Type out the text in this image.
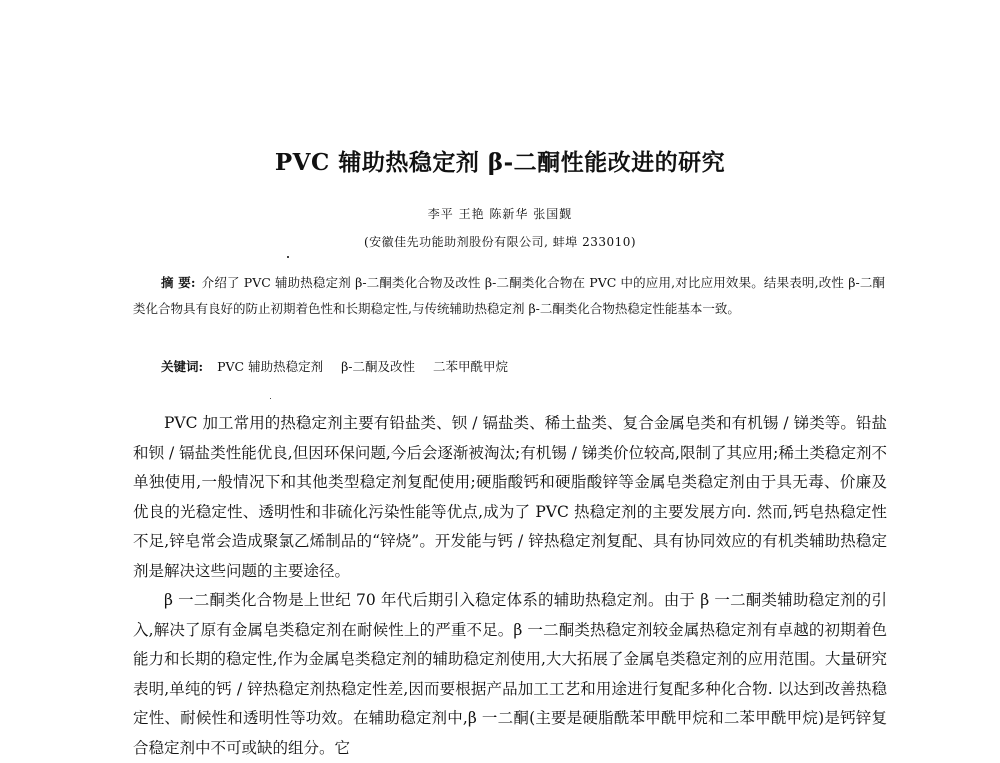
PVC 辅助热稳定剂 β-二酮性能改进的研究
李平 王艳 陈新华 张国觐
(安徽佳先功能助剂股份有限公司, 蚌埠 233010)

摘 要: 介绍了 PVC 辅助热稳定剂 β-二酮类化合物及改性 β-二酮类化合物在 PVC 中的应用,对比应用效果。结果表明,改性 β-二酮类化合物具有良好的防止初期着色性和长期稳定性,与传统辅助热稳定剂 β-二酮类化合物热稳定性能基本一致。

关键词: PVC 辅助热稳定剂 β-二酮及改性 二苯甲酰甲烷

PVC 加工常用的热稳定剂主要有铅盐类、钡 / 镉盐类、稀土盐类、复合金属皂类和有机锡 / 锑类等。铅盐和钡 / 镉盐类性能优良,但因环保问题,今后会逐渐被淘汰;有机锡 / 锑类价位较高,限制了其应用;稀土类稳定剂不单独使用,一般情况下和其他类型稳定剂复配使用;硬脂酸钙和硬脂酸锌等金属皂类稳定剂由于具无毒、价廉及优良的光稳定性、透明性和非硫化污染性能等优点,成为了 PVC 热稳定剂的主要发展方向. 然而,钙皂热稳定性不足,锌皂常会造成聚氯乙烯制品的“锌烧”。开发能与钙 / 锌热稳定剂复配、具有协同效应的有机类辅助热稳定剂是解决这些问题的主要途径。

β 一二酮类化合物是上世纪 70 年代后期引入稳定体系的辅助热稳定剂。由于 β 一二酮类辅助稳定剂的引入,解决了原有金属皂类稳定剂在耐候性上的严重不足。β 一二酮类热稳定剂较金属热稳定剂有卓越的初期着色能力和长期的稳定性,作为金属皂类稳定剂的辅助稳定剂使用,大大拓展了金属皂类稳定剂的应用范围。大量研究表明,单纯的钙 / 锌热稳定剂热稳定性差,因而要根据产品加工工艺和用途进行复配多种化合物. 以达到改善热稳定性、耐候性和透明性等功效。在辅助稳定剂中,β 一二酮(主要是硬脂酰苯甲酰甲烷和二苯甲酰甲烷)是钙锌复合稳定剂中不可或缺的组分。它
